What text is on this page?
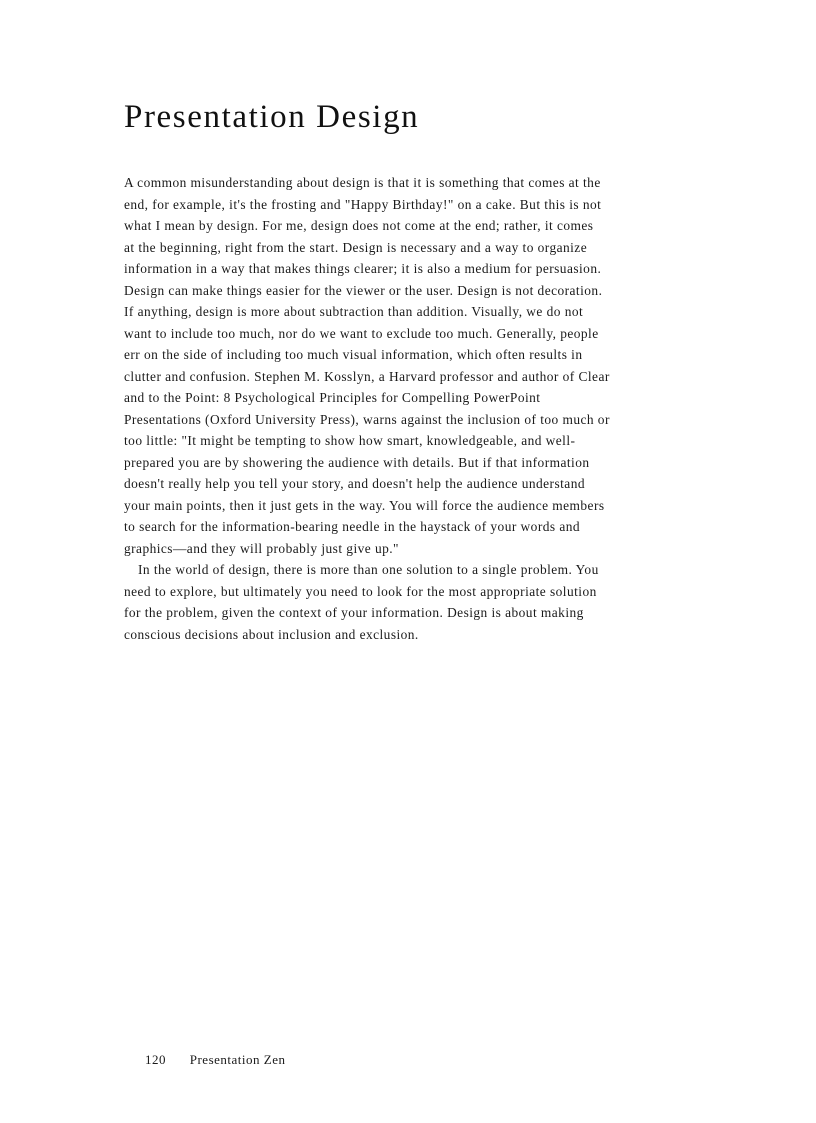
Presentation Design
A common misunderstanding about design is that it is something that comes at the
end, for example, it's the frosting and "Happy Birthday!" on a cake. But this is not
what I mean by design. For me, design does not come at the end; rather, it comes
at the beginning, right from the start. Design is necessary and a way to organize
information in a way that makes things clearer; it is also a medium for persuasion.
Design can make things easier for the viewer or the user. Design is not decoration.
If anything, design is more about subtraction than addition. Visually, we do not
want to include too much, nor do we want to exclude too much. Generally, people
err on the side of including too much visual information, which often results in
clutter and confusion. Stephen M. Kosslyn, a Harvard professor and author of Clear
and to the Point: 8 Psychological Principles for Compelling PowerPoint
Presentations (Oxford University Press), warns against the inclusion of too much or
too little: "It might be tempting to show how smart, knowledgeable, and well-
prepared you are by showering the audience with details. But if that information
doesn't really help you tell your story, and doesn't help the audience understand
your main points, then it just gets in the way. You will force the audience members
to search for the information-bearing needle in the haystack of your words and
graphics—and they will probably just give up."
In the world of design, there is more than one solution to a single problem. You
need to explore, but ultimately you need to look for the most appropriate solution
for the problem, given the context of your information. Design is about making
conscious decisions about inclusion and exclusion.
120 Presentation Zen
